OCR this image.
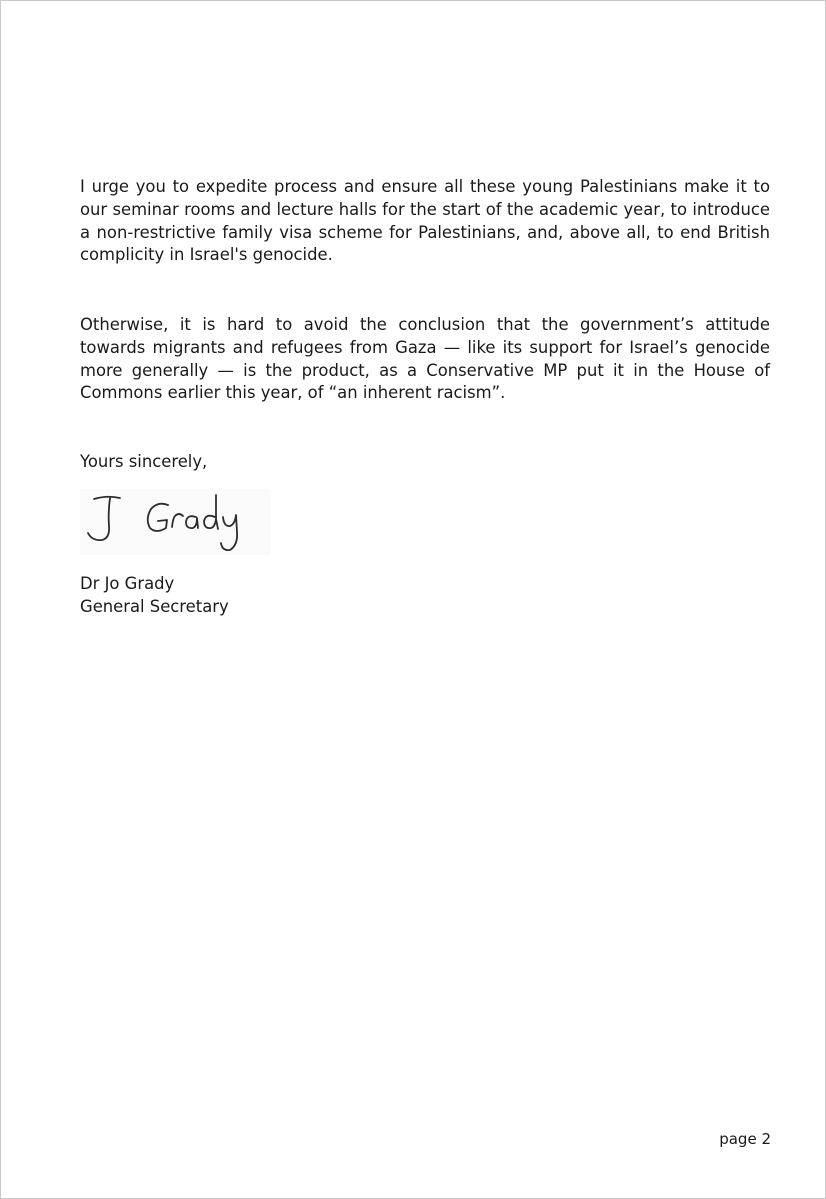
I urge you to expedite process and ensure all these young Palestinians make it to our seminar rooms and lecture halls for the start of the academic year, to introduce a non-restrictive family visa scheme for Palestinians, and, above all, to end British complicity in Israel's genocide.

Otherwise, it is hard to avoid the conclusion that the government’s attitude towards migrants and refugees from Gaza — like its support for Israel’s genocide more generally — is the product, as a Conservative MP put it in the House of Commons earlier this year, of “an inherent racism”.

Yours sincerely,
Dr Jo Grady
General Secretary
page 2
